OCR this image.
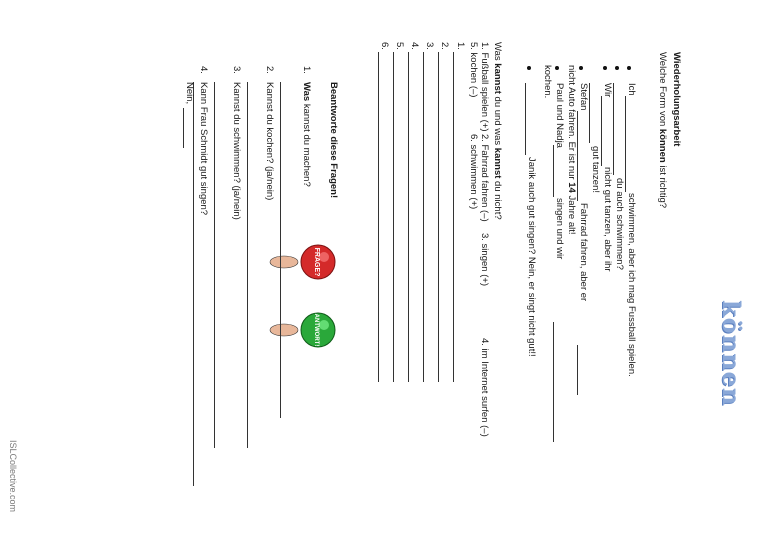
Wiederholungsarbeit
Welche Form von können ist richtig?
können
Ich
schwimmen, aber ich mag Fussball spielen.
du auch schwimmen?
Wir
nicht gut tanzen, aber ihr
gut tanzen!
Stefan
Fahrrad fahren, aber er
nicht Auto fahren. Er ist nur 14 Jahre alt!
Paul und Nadja
singen und wir
kochen.
Janik auch gut singen? Nein, er singt nicht gut!!
Was kannst du und was kannst du nicht?
1. Fußball spielen (+)
2. Fahrrad fahren (–)
3. singen (+)
4. im Internet surfen (–)
5. kochen (–)
6. schwimmen (+)
1.
2.
3.
4.
5.
6.
Beantworte diese Fragen!
FRAGE?
ANTWORT!
1.
Was kannst du machen?
2.
Kannst du kochen? (ja/nein)
3.
Kannst du schwimmen? (ja/nein)
4.
Kann Frau Schmidt gut singen?
Nein,
ISLCollective.com
